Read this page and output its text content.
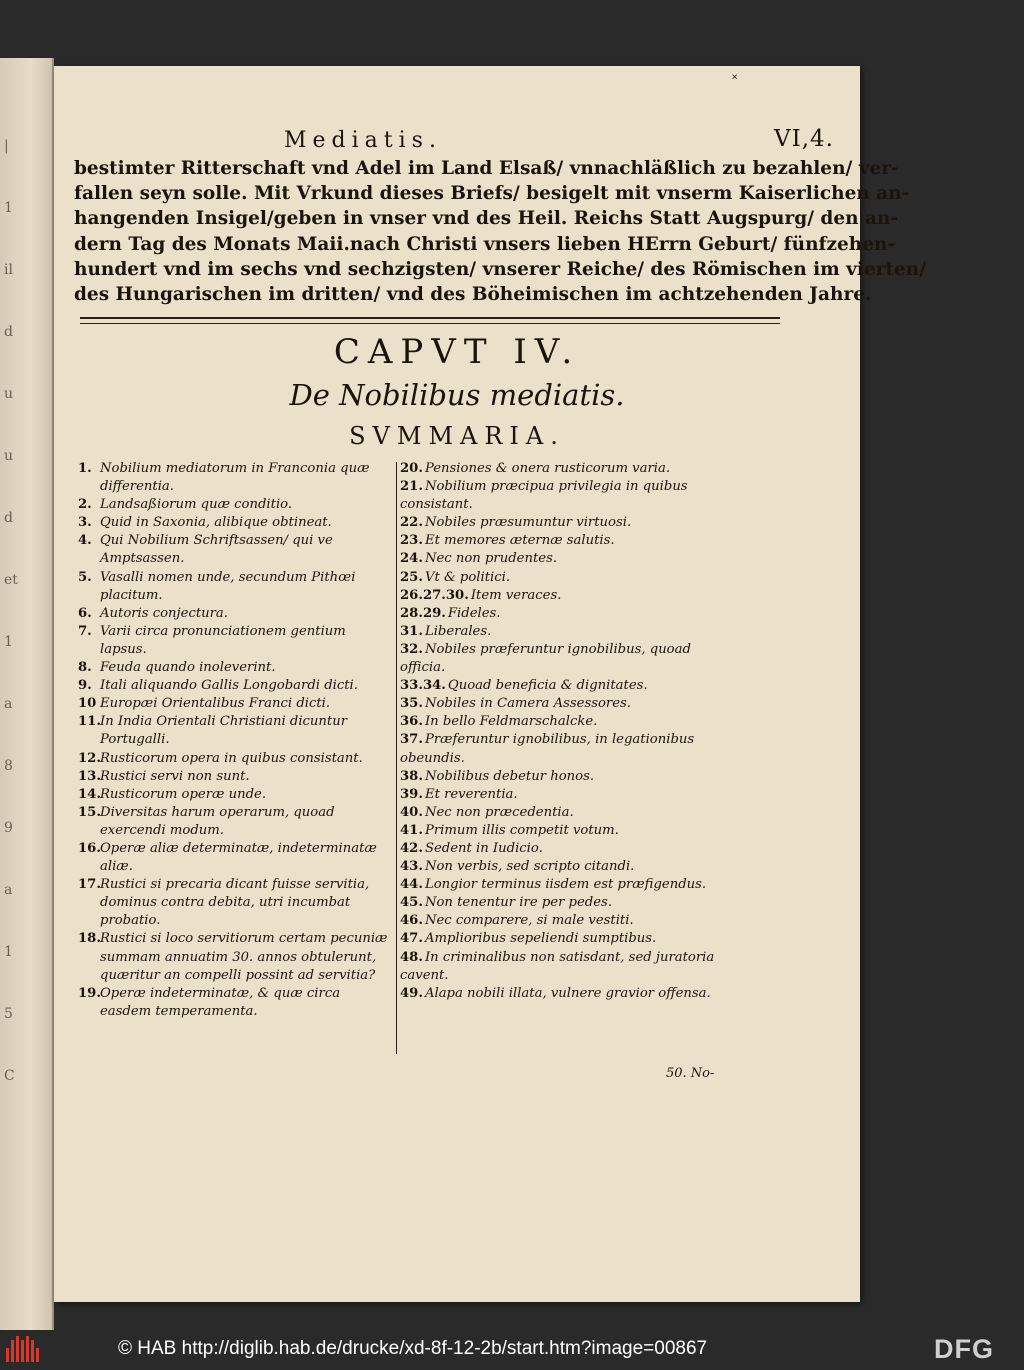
|
1
il
d
u
u
d
et
1
a
8
9
a
1
5
C
˟
Mediatis.	VI,4.
bestimter Ritterschaft vnd Adel im Land Elsaß/ vnnachläßlich zu bezahlen/ ver-
fallen seyn solle. Mit Vrkund dieses Briefs/ besigelt mit vnserm Kaiserlichen an-
hangenden Insigel/geben in vnser vnd des Heil. Reichs Statt Augspurg/ den an-
dern Tag des Monats Maii.nach Christi vnsers lieben HErrn Geburt/ fünfzehen-
hundert vnd im sechs vnd sechzigsten/ vnserer Reiche/ des Römischen im vierten/
des Hungarischen im dritten/ vnd des Böheimischen im achtzehenden Jahre.
CAPVT IV.
De Nobilibus mediatis.
SVMMARIA.
1. Nobilium mediatorum in Franconia quæ differentia.
2. Landsaßiorum quæ conditio.
3. Quid in Saxonia, alibique obtineat.
4. Qui Nobilium Schriftsassen/ qui ve Amptsassen.
5. Vasalli nomen unde, secundum Pithœi placitum.
6. Autoris conjectura.
7. Varii circa pronunciationem gentium lapsus.
8. Feuda quando inoleverint.
9. Itali aliquando Gallis Longobardi dicti.
10 Europæi Orientalibus Franci dicti.
11. In India Orientali Christiani dicuntur Portugalli.
12. Rusticorum opera in quibus consistant.
13. Rustici servi non sunt.
14. Rusticorum operæ unde.
15. Diversitas harum operarum, quoad exercendi modum.
16. Operæ aliæ determinatæ, indeterminatæ aliæ.
17. Rustici si precaria dicant fuisse servitia, dominus contra debita, utri incumbat probatio.
18. Rustici si loco servitiorum certam pecuniæ summam annuatim 30. annos obtulerunt, quæritur an compelli possint ad servitia?
19. Operæ indeterminatæ, & quæ circa easdem temperamenta.
20. Pensiones & onera rusticorum varia.
21. Nobilium præcipua privilegia in quibus consistant.
22. Nobiles præsumuntur virtuosi.
23. Et memores æternæ salutis.
24. Nec non prudentes.
25. Vt & politici.
26.27.30. Item veraces.
28.29. Fideles.
31. Liberales.
32. Nobiles præferuntur ignobilibus, quoad officia.
33.34. Quoad beneficia & dignitates.
35. Nobiles in Camera Assessores.
36. In bello Feldmarschalcke.
37. Præferuntur ignobilibus, in legationibus obeundis.
38. Nobilibus debetur honos.
39. Et reverentia.
40. Nec non præcedentia.
41. Primum illis competit votum.
42. Sedent in Iudicio.
43. Non verbis, sed scripto citandi.
44. Longior terminus iisdem est præfigendus.
45. Non tenentur ire per pedes.
46. Nec comparere, si male vestiti.
47. Amplioribus sepeliendi sumptibus.
48. In criminalibus non satisdant, sed juratoria cavent.
49. Alapa nobili illata, vulnere gravior offensa.
50. No-
© HAB http://diglib.hab.de/drucke/xd-8f-12-2b/start.htm?image=00867	DFG
